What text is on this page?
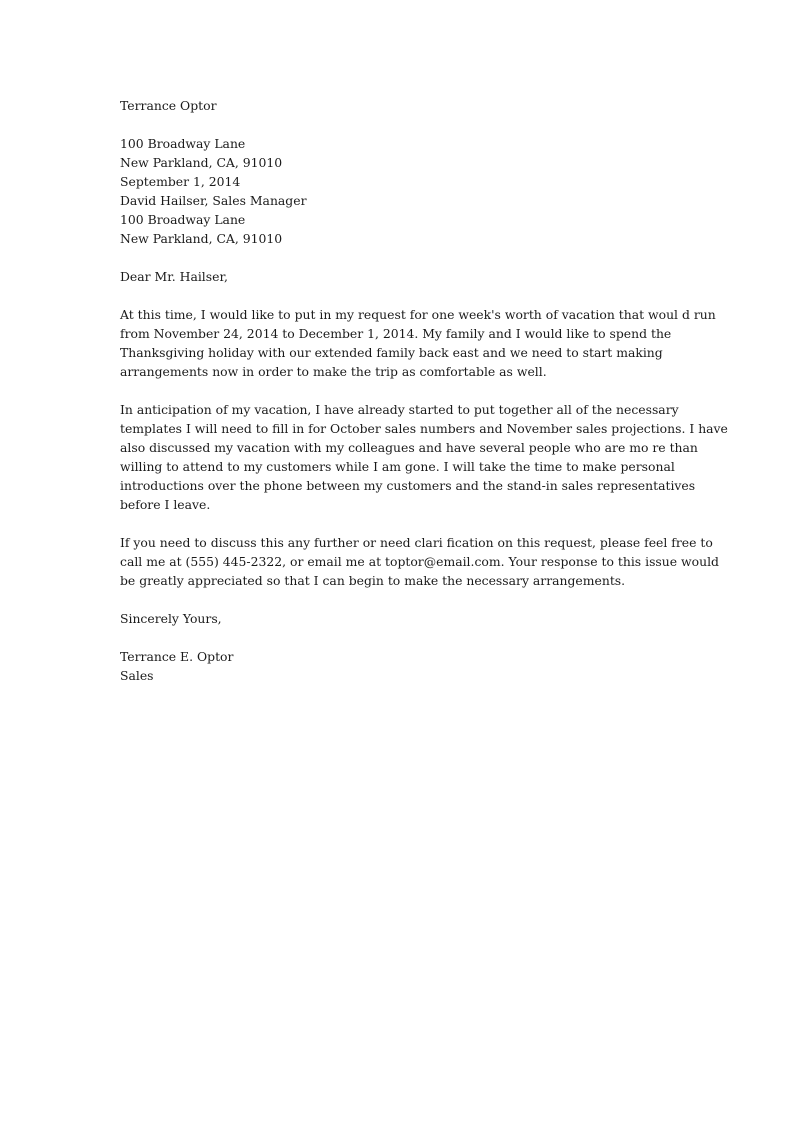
Terrance Optor
100 Broadway Lane
New Parkland, CA, 91010
September 1, 2014
David Hailser, Sales Manager
100 Broadway Lane
New Parkland, CA, 91010
Dear Mr. Hailser,
At this time, I would like to put in my request for one week's worth of vacation that woul d run
from November 24, 2014 to December 1, 2014. My family and I would like to spend the
Thanksgiving holiday with our extended family back east and we need to start making
arrangements now in order to make the trip as comfortable as well.
In anticipation of my vacation, I have already started to put together all of the necessary
templates I will need to fill in for October sales numbers and November sales projections. I have
also discussed my vacation with my colleagues and have several people who are mo re than
willing to attend to my customers while I am gone. I will take the time to make personal
introductions over the phone between my customers and the stand-in sales representatives
before I leave.
If you need to discuss this any further or need clari fication on this request, please feel free to
call me at (555) 445-2322, or email me at toptor@email.com. Your response to this issue would
be greatly appreciated so that I can begin to make the necessary arrangements.
Sincerely Yours,
Terrance E. Optor
Sales
